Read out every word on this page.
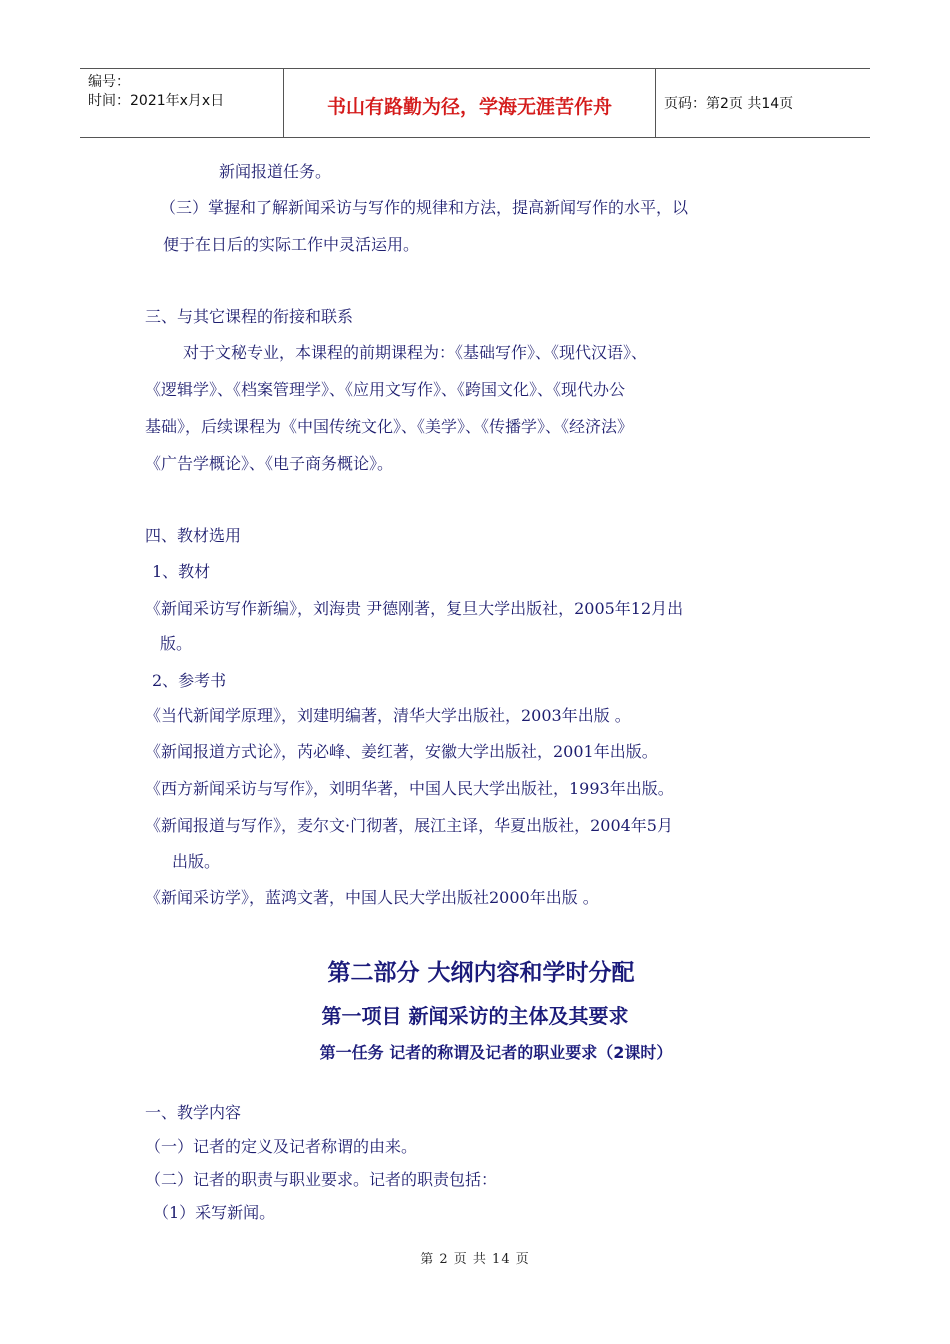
编号：
时间：2021年x月x日	书山有路勤为径，学海无涯苦作舟	页码：第2页 共14页
新闻报道任务。
（三）掌握和了解新闻采访与写作的规律和方法，提高新闻写作的水平，以
便于在日后的实际工作中灵活运用。
三、与其它课程的衔接和联系
对于文秘专业，本课程的前期课程为：《基础写作》、《现代汉语》、
《逻辑学》、《档案管理学》、《应用文写作》、《跨国文化》、《现代办公
基础》，后续课程为《中国传统文化》、《美学》、《传播学》、《经济法》
《广告学概论》、《电子商务概论》。
四、教材选用
1、教材
《新闻采访写作新编》，刘海贵 尹德刚著，复旦大学出版社，2005年12月出
版。
2、参考书
《当代新闻学原理》，刘建明编著，清华大学出版社，2003年出版 。
《新闻报道方式论》，芮必峰、姜红著，安徽大学出版社，2001年出版。
《西方新闻采访与写作》，刘明华著，中国人民大学出版社，1993年出版。
《新闻报道与写作》，麦尔文·门彻著，展江主译，华夏出版社，2004年5月
出版。
《新闻采访学》，蓝鸿文著，中国人民大学出版社2000年出版 。
第二部分 大纲内容和学时分配
第一项目 新闻采访的主体及其要求
第一任务 记者的称谓及记者的职业要求（2课时）
一、教学内容
（一）记者的定义及记者称谓的由来。
（二）记者的职责与职业要求。记者的职责包括：
（1）采写新闻。
第 2 页 共 14 页
